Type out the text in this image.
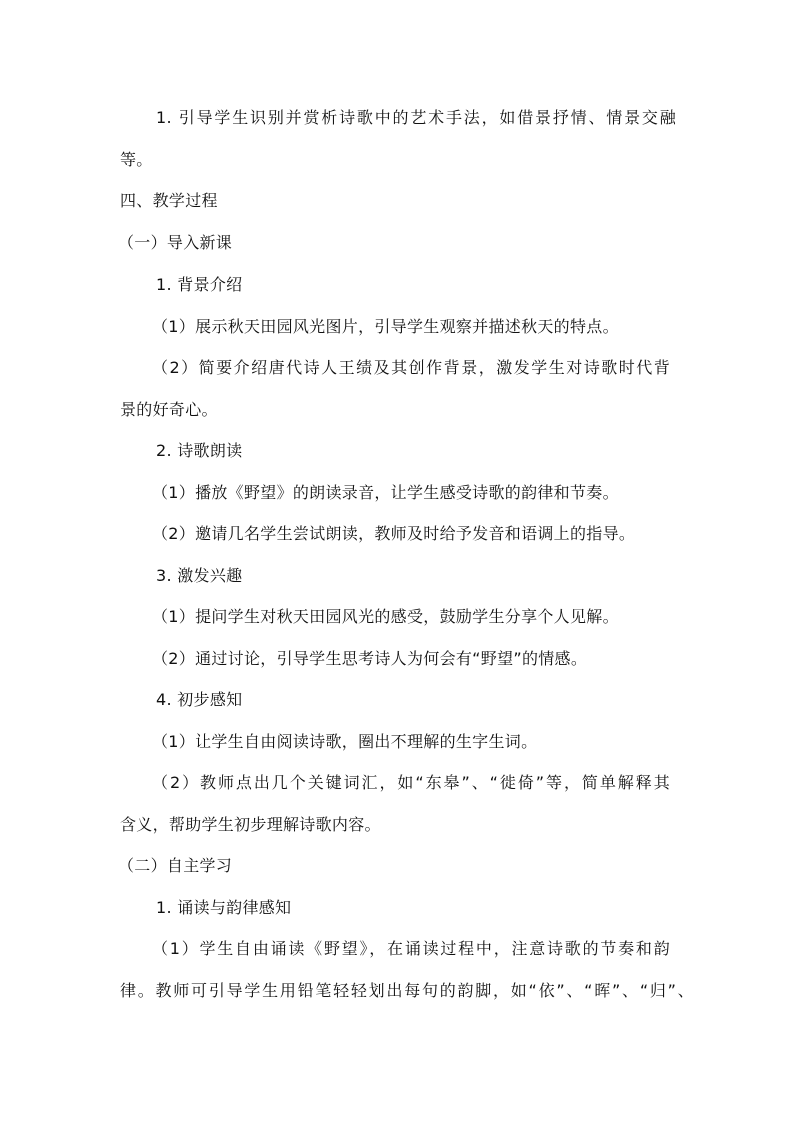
1. 引导学生识别并赏析诗歌中的艺术手法，如借景抒情、情景交融
等。
四、教学过程
（一）导入新课
1. 背景介绍
（1）展示秋天田园风光图片，引导学生观察并描述秋天的特点。
（2）简要介绍唐代诗人王绩及其创作背景，激发学生对诗歌时代背
景的好奇心。
2. 诗歌朗读
（1）播放《野望》的朗读录音，让学生感受诗歌的韵律和节奏。
（2）邀请几名学生尝试朗读，教师及时给予发音和语调上的指导。
3. 激发兴趣
（1）提问学生对秋天田园风光的感受，鼓励学生分享个人见解。
（2）通过讨论，引导学生思考诗人为何会有“野望”的情感。
4. 初步感知
（1）让学生自由阅读诗歌，圈出不理解的生字生词。
（2）教师点出几个关键词汇，如“东皋”、“徙倚”等，简单解释其
含义，帮助学生初步理解诗歌内容。
（二）自主学习
1. 诵读与韵律感知
（1）学生自由诵读《野望》，在诵读过程中，注意诗歌的节奏和韵
律。教师可引导学生用铅笔轻轻划出每句的韵脚，如“依”、“晖”、“归”、
